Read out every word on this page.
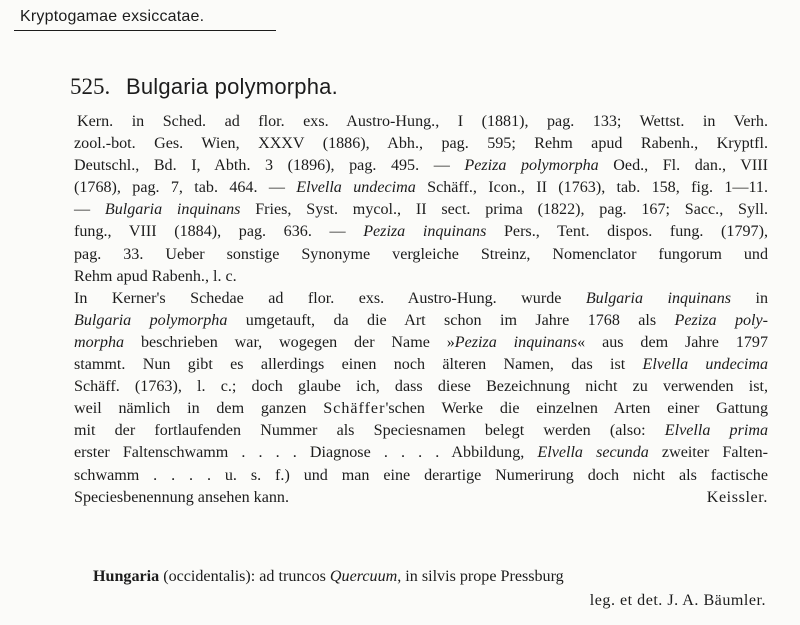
Kryptogamae exsiccatae.
525. Bulgaria polymorpha.
Kern. in Sched. ad flor. exs. Austro-Hung., I (1881), pag. 133; Wettst. in Verh.
zool.-bot. Ges. Wien, XXXV (1886), Abh., pag. 595; Rehm apud Rabenh., Kryptfl.
Deutschl., Bd. I, Abth. 3 (1896), pag. 495. — Peziza polymorpha Oed., Fl. dan., VIII
(1768), pag. 7, tab. 464. — Elvella undecima Schäff., Icon., II (1763), tab. 158, fig. 1—11.
— Bulgaria inquinans Fries, Syst. mycol., II sect. prima (1822), pag. 167; Sacc., Syll.
fung., VIII (1884), pag. 636. — Peziza inquinans Pers., Tent. dispos. fung. (1797),
pag. 33. Ueber sonstige Synonyme vergleiche Streinz, Nomenclator fungorum und
Rehm apud Rabenh., l. c.
In Kerner's Schedae ad flor. exs. Austro-Hung. wurde Bulgaria inquinans in
Bulgaria polymorpha umgetauft, da die Art schon im Jahre 1768 als Peziza poly-
morpha beschrieben war, wogegen der Name »Peziza inquinans« aus dem Jahre 1797
stammt. Nun gibt es allerdings einen noch älteren Namen, das ist Elvella undecima
Schäff. (1763), l. c.; doch glaube ich, dass diese Bezeichnung nicht zu verwenden ist,
weil nämlich in dem ganzen Schäffer'schen Werke die einzelnen Arten einer Gattung
mit der fortlaufenden Nummer als Speciesnamen belegt werden (also: Elvella prima
erster Faltenschwamm . . . . Diagnose . . . . Abbildung, Elvella secunda zweiter Falten-
schwamm . . . . u. s. f.) und man eine derartige Numerirung doch nicht als factische
Speciesbenennung ansehen kann.	Keissler.
Hungaria (occidentalis): ad truncos Quercuum, in silvis prope Pressburg
leg. et det. J. A. Bäumler.
